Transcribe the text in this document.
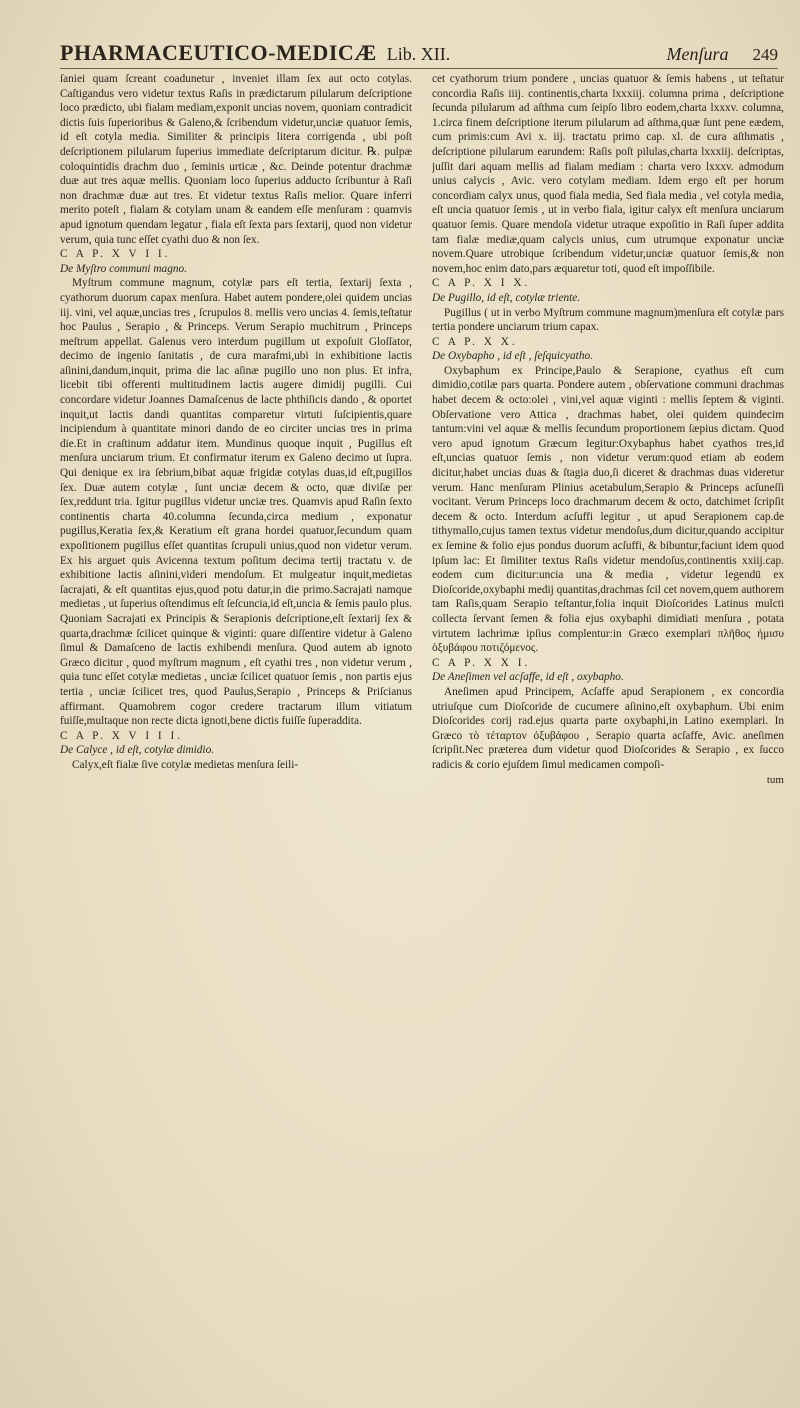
PHARMACEUTICO-MEDICÆ Lib. XII.	Menſura 249

ſaniei quam ſcreant coadunetur , inveniet illam ſex aut octo cotylas. Caſtigandus vero videtur textus Raſis in prædictarum pilularum deſcriptione loco prædicto, ubi fialam mediam,exponit uncias novem, quoniam contradicit dictis ſuis ſuperioribus & Galeno,& ſcribendum videtur,unciæ quatuor ſemis, id eſt cotyla media. Similiter & principis litera corrigenda , ubi poſt deſcriptionem pilularum ſuperius immediate deſcriptarum dicitur. ℞. pulpæ coloquintidis drachm duo , ſeminis urticæ , &c. Deinde potentur drachmæ duæ aut tres aquæ mellis. Quoniam loco ſuperius adducto ſcribuntur à Raſi non drachmæ duæ aut tres. Et videtur textus Raſis melior. Quare inferri merito poteſt , fialam & cotylam unam & eandem eſſe menſuram : quamvis apud ignotum quendam legatur , fiala eſt ſexta pars ſextarij, quod non videtur verum, quia tunc eſſet cyathi duo & non ſex.

C A P. X V I I.

De Myſtro communi magno.

Myſtrum commune magnum, cotylæ pars eſt tertia, ſextarij ſexta , cyathorum duorum capax menſura. Habet autem pondere,olei quidem uncias iij. vini, vel aquæ,uncias tres , ſcrupulos 8. mellis vero uncias 4. ſemis,teſtatur hoc Paulus , Serapio , & Princeps. Verum Serapio muchitrum , Princeps meſtrum appellat. Galenus vero interdum pugillum ut expoſuit Gloſſator, decimo de ingenio ſanitatis , de cura marafmi,ubi in exhibitione lactis aſinini,dandum,inquit, prima die lac aſinæ pugillo uno non plus. Et infra, licebit tibi offerenti multitudinem lactis augere dimidij pugilli. Cui concordare videtur Joannes Damaſcenus de lacte phthiſicis dando , & oportet inquit,ut lactis dandi quantitas comparetur virtuti ſuſcipientis,quare incipiendum à quantitate minori dando de eo circiter uncias tres in prima die.Et in craſtinum addatur item. Mundinus quoque inquit , Pugillus eſt menſura unciarum trium. Et confirmatur iterum ex Galeno decimo ut ſupra. Qui denique ex ira ſebrium,bibat aquæ frigidæ cotylas duas,id eſt,pugillos ſex. Duæ autem cotylæ , ſunt unciæ decem & octo, quæ diviſæ per ſex,reddunt tria. Igitur pugillus videtur unciæ tres. Quamvis apud Raſin ſexto continentis charta 40.columna ſecunda,circa medium , exponatur pugillus,Keratia ſex,& Keratium eſt grana hordei quatuor,ſecundum quam expoſitionem pugillus eſſet quantitas ſcrupuli unius,quod non videtur verum. Ex his arguet quis Avicenna textum poſitum decima tertij tractatu v. de exhibitione lactis aſinini,videri mendoſum. Et mulgeatur inquit,medietas ſacrajati, & eſt quantitas ejus,quod potu datur,in die primo.Sacrajati namque medietas , ut ſuperius oſtendimus eſt ſeſcuncia,id eſt,uncia & ſemis paulo plus. Quoniam Sacrajati ex Principis & Serapionis deſcriptione,eſt ſextarij ſex & quarta,drachmæ ſcilicet quinque & viginti: quare diſſentire videtur à Galeno ſimul & Damaſceno de lactis exhibendi menſura. Quod autem ab ignoto Græco dicitur , quod myſtrum magnum , eſt cyathi tres , non videtur verum , quia tunc eſſet cotylæ medietas , unciæ ſcilicet quatuor ſemis , non partis ejus tertia , unciæ ſcilicet tres, quod Paulus,Serapio , Princeps & Priſcianus affirmant. Quamobrem cogor credere tractarum illum vitiatum fuiſſe,multaque non recte dicta ignoti,bene dictis fuiſſe ſuperaddita.

C A P. X V I I I.

De Calyce , id eſt, cotylæ dimidio.

Calyx,eſt fialæ ſive cotylæ medietas menſura ſeili-

cet cyathorum trium pondere , uncias quatuor & ſemis habens , ut teſtatur concordia Raſis iiij. continentis,charta lxxxiij. columna prima , deſcriptione ſecunda pilularum ad aſthma cum ſeipſo libro eodem,charta lxxxv. columna, 1.circa finem deſcriptione iterum pilularum ad aſthma,quæ ſunt pene eædem, cum primis:cum Avi x. iij. tractatu primo cap. xl. de cura aſthmatis , deſcriptione pilularum earundem: Raſis poſt pilulas,charta lxxxiij. deſcriptas, juſſit dari aquam mellis ad fialam mediam : charta vero lxxxv. admodum unius calycis , Avic. vero cotylam mediam. Idem ergo eſt per horum concordiam calyx unus, quod fiala media, Sed fiala media , vel cotyla media, eſt uncia quatuor ſemis , ut in verbo fiala, igitur calyx eſt menſura unciarum quatuor ſemis. Quare mendoſa videtur utraque expoſitio in Raſi ſuper addita tam fialæ mediæ,quam calycis unius, cum utrumque exponatur unciæ novem.Quare utrobique ſcribendum videtur,unciæ quatuor ſemis,& non novem,hoc enim dato,pars æquaretur toti, quod eſt impoſſibile.

C A P. X I X.

De Pugillo, id eſt, cotylæ triente.

Pugillus ( ut in verbo Myſtrum commune magnum)menſura eſt cotylæ pars tertia pondere unciarum trium capax.

C A P. X X.

De Oxybapho , id eſt , ſeſquicyatho.

Oxybaphum ex Principe,Paulo & Serapione, cyathus eſt cum dimidio,cotilæ pars quarta. Pondere autem , obſervatione communi drachmas habet decem & octo:olei , vini,vel aquæ viginti : mellis ſeptem & viginti. Obſervatione vero Attica , drachmas habet, olei quidem quindecim tantum:vini vel aquæ & mellis ſecundum proportionem ſæpius dictam. Quod vero apud ignotum Græcum legitur:Oxybaphus habet cyathos tres,id eſt,uncias quatuor ſemis , non videtur verum:quod etiam ab eodem dicitur,habet uncias duas & ſtagia duo,ſi diceret & drachmas duas videretur verum. Hanc menſuram Plinius acetabulum,Serapio & Princeps acſuneſſi vocitant. Verum Princeps loco drachmarum decem & octo, datchimet ſcripſit decem & octo. Interdum acſuffi legitur , ut apud Serapionem cap.de tithymallo,cujus tamen textus videtur mendoſus,dum dicitur,quando accipitur ex ſemine & folio ejus pondus duorum acſuffi, & bibuntur,faciunt idem quod ipſum lac: Et ſimiliter textus Raſis videtur mendoſus,continentis xxiij.cap. eodem cum dicitur:uncia una & media , videtur legendū ex Dioſcoride,oxybaphi medij quantitas,drachmas ſcil cet novem,quem authorem tam Raſis,quam Serapio teſtantur,folia inquit Dioſcorides Latinus mulcti collecta ſervant ſemen & folia ejus oxybaphi dimidiati menſura , potata virtutem lachrimæ ipſius complentur:in Græco exemplari πλῆθος ἡμισυ ὀξυβάφου ποτιζόμενος.

C A P. X X I.

De Aneſimen vel acſaffe, id eſt , oxybapho.

Aneſimen apud Principem, Acſaffe apud Serapionem , ex concordia utriuſque cum Dioſcoride de cucumere aſinino,eſt oxybaphum. Ubi enim Dioſcorides corij rad.ejus quarta parte oxybaphi,in Latino exemplari. In Græco τὸ τέταρτον ὀξυβάφου , Serapio quarta acſaffe, Avic. aneſimen ſcripſit.Nec præterea dum videtur quod Dioſcorides & Serapio , ex ſucco radicis & corio ejuſdem ſimul medicamen compoſi-

tum
